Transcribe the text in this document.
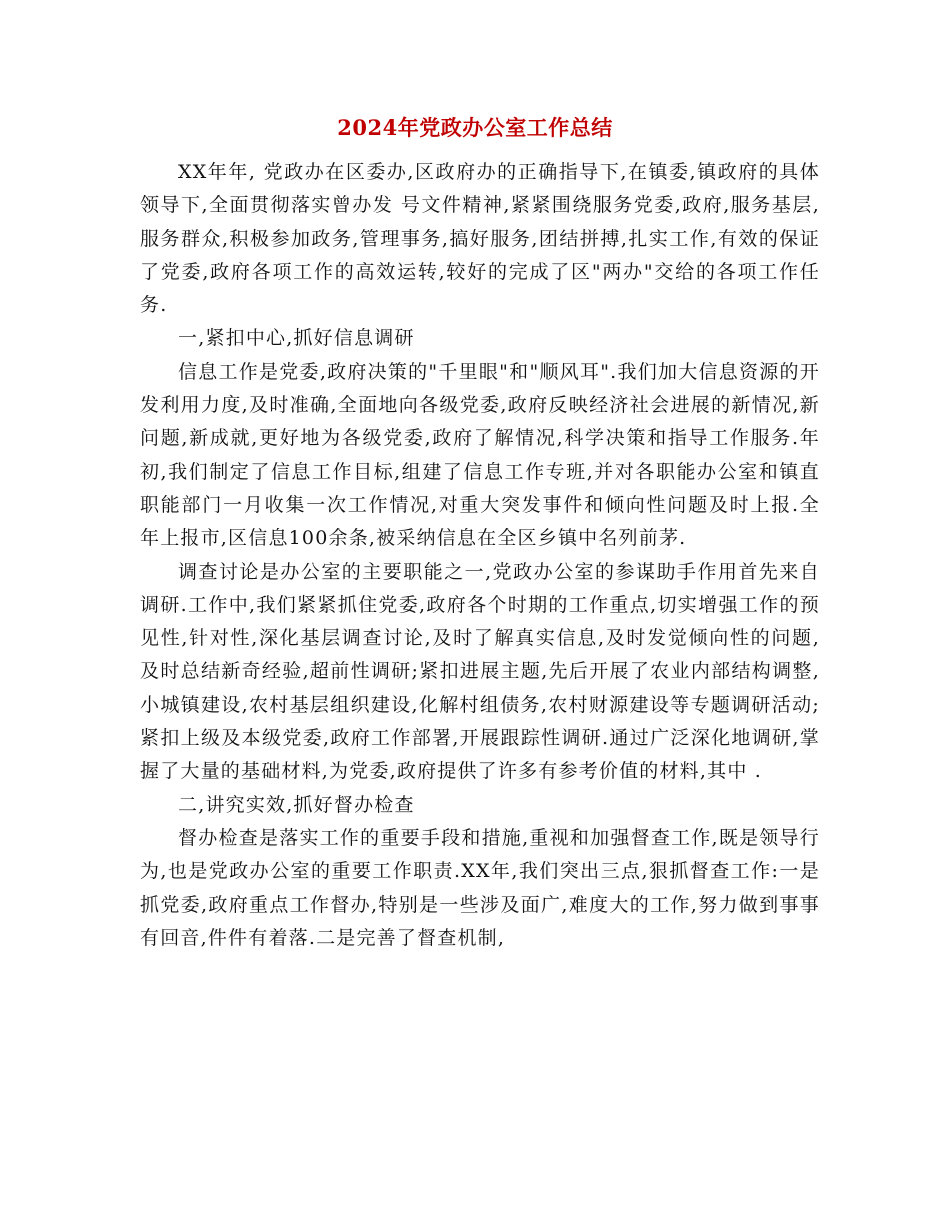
2024年党政办公室工作总结

XX年年, 党政办在区委办,区政府办的正确指导下,在镇委,镇政府的具体领导下,全面贯彻落实曾办发 号文件精神,紧紧围绕服务党委,政府,服务基层,服务群众,积极参加政务,管理事务,搞好服务,团结拼搏,扎实工作,有效的保证了党委,政府各项工作的高效运转,较好的完成了区"两办"交给的各项工作任务.

一,紧扣中心,抓好信息调研

信息工作是党委,政府决策的"千里眼"和"顺风耳".我们加大信息资源的开发利用力度,及时准确,全面地向各级党委,政府反映经济社会进展的新情况,新问题,新成就,更好地为各级党委,政府了解情况,科学决策和指导工作服务.年初,我们制定了信息工作目标,组建了信息工作专班,并对各职能办公室和镇直职能部门一月收集一次工作情况,对重大突发事件和倾向性问题及时上报.全年上报市,区信息100余条,被采纳信息在全区乡镇中名列前茅.

调查讨论是办公室的主要职能之一,党政办公室的参谋助手作用首先来自调研.工作中,我们紧紧抓住党委,政府各个时期的工作重点,切实增强工作的预见性,针对性,深化基层调查讨论,及时了解真实信息,及时发觉倾向性的问题,及时总结新奇经验,超前性调研;紧扣进展主题,先后开展了农业内部结构调整,小城镇建设,农村基层组织建设,化解村组债务,农村财源建设等专题调研活动;紧扣上级及本级党委,政府工作部署,开展跟踪性调研.通过广泛深化地调研,掌握了大量的基础材料,为党委,政府提供了许多有参考价值的材料,其中 .

二,讲究实效,抓好督办检查

督办检查是落实工作的重要手段和措施,重视和加强督查工作,既是领导行为,也是党政办公室的重要工作职责.XX年,我们突出三点,狠抓督查工作:一是抓党委,政府重点工作督办,特别是一些涉及面广,难度大的工作,努力做到事事有回音,件件有着落.二是完善了督查机制,
